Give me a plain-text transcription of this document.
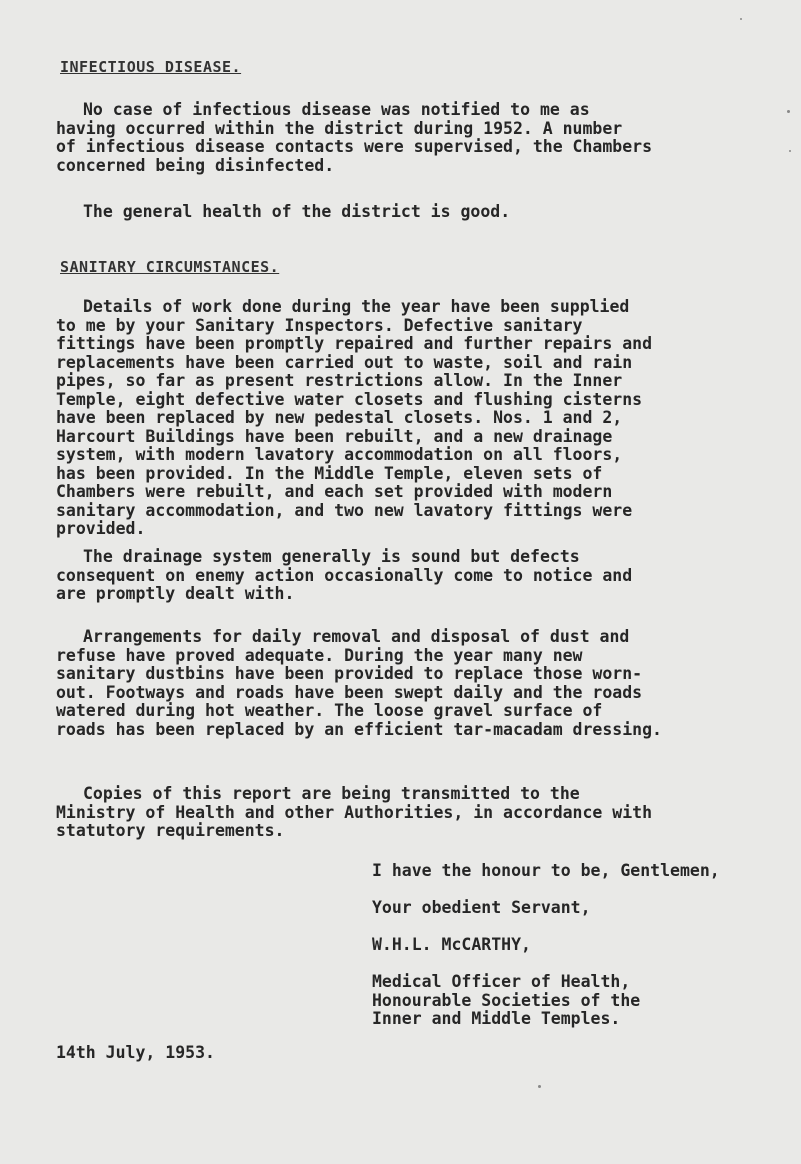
INFECTIOUS DISEASE.
No case of infectious disease was notified to me as
having occurred within the district during 1952. A number
of infectious disease contacts were supervised, the Chambers
concerned being disinfected.
The general health of the district is good.
SANITARY CIRCUMSTANCES.
Details of work done during the year have been supplied
to me by your Sanitary Inspectors. Defective sanitary
fittings have been promptly repaired and further repairs and
replacements have been carried out to waste, soil and rain
pipes, so far as present restrictions allow. In the Inner
Temple, eight defective water closets and flushing cisterns
have been replaced by new pedestal closets. Nos. 1 and 2,
Harcourt Buildings have been rebuilt, and a new drainage
system, with modern lavatory accommodation on all floors,
has been provided. In the Middle Temple, eleven sets of
Chambers were rebuilt, and each set provided with modern
sanitary accommodation, and two new lavatory fittings were
provided.
The drainage system generally is sound but defects
consequent on enemy action occasionally come to notice and
are promptly dealt with.
Arrangements for daily removal and disposal of dust and
refuse have proved adequate. During the year many new
sanitary dustbins have been provided to replace those worn-
out. Footways and roads have been swept daily and the roads
watered during hot weather. The loose gravel surface of
roads has been replaced by an efficient tar-macadam dressing.
Copies of this report are being transmitted to the
Ministry of Health and other Authorities, in accordance with
statutory requirements.
I have the honour to be, Gentlemen,
Your obedient Servant,
W.H.L. McCARTHY,
Medical Officer of Health,
Honourable Societies of the
Inner and Middle Temples.
14th July, 1953.
